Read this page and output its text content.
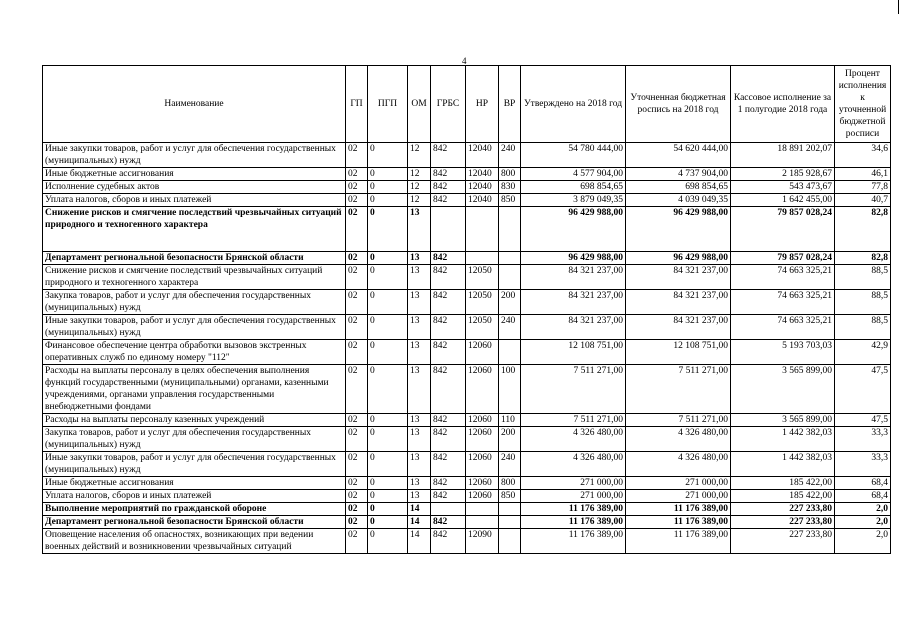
4
Наименование	ГП	ПГП	ОМ	ГРБС	НР	ВР	Утверждено на 2018 год	Уточненная бюджетная роспись на 2018 год	Кассовое исполнение за 1 полугодие 2018 года	Процент исполнения к уточненной бюджетной росписи
Иные закупки товаров, работ и услуг для обеспечения государственных (муниципальных) нужд	02	0	12	842	12040	240	54 780 444,00	54 620 444,00	18 891 202,07	34,6
Иные бюджетные ассигнования	02	0	12	842	12040	800	4 577 904,00	4 737 904,00	2 185 928,67	46,1
Исполнение судебных актов	02	0	12	842	12040	830	698 854,65	698 854,65	543 473,67	77,8
Уплата налогов, сборов и иных платежей	02	0	12	842	12040	850	3 879 049,35	4 039 049,35	1 642 455,00	40,7
Снижение рисков и смягчение последствий чрезвычайных ситуаций природного и техногенного характера	02	0	13				96 429 988,00	96 429 988,00	79 857 028,24	82,8
Департамент региональной безопасности Брянской области	02	0	13	842			96 429 988,00	96 429 988,00	79 857 028,24	82,8
Снижение рисков и смягчение последствий чрезвычайных ситуаций природного и техногенного характера	02	0	13	842	12050		84 321 237,00	84 321 237,00	74 663 325,21	88,5
Закупка товаров, работ и услуг для обеспечения государственных (муниципальных) нужд	02	0	13	842	12050	200	84 321 237,00	84 321 237,00	74 663 325,21	88,5
Иные закупки товаров, работ и услуг для обеспечения государственных (муниципальных) нужд	02	0	13	842	12050	240	84 321 237,00	84 321 237,00	74 663 325,21	88,5
Финансовое обеспечение центра обработки вызовов экстренных оперативных служб по единому номеру "112"	02	0	13	842	12060		12 108 751,00	12 108 751,00	5 193 703,03	42,9
Расходы на выплаты персоналу в целях обеспечения выполнения функций государственными (муниципальными) органами, казенными учреждениями, органами управления государственными внебюджетными фондами	02	0	13	842	12060	100	7 511 271,00	7 511 271,00	3 565 899,00	47,5
Расходы на выплаты персоналу казенных учреждений	02	0	13	842	12060	110	7 511 271,00	7 511 271,00	3 565 899,00	47,5
Закупка товаров, работ и услуг для обеспечения государственных (муниципальных) нужд	02	0	13	842	12060	200	4 326 480,00	4 326 480,00	1 442 382,03	33,3
Иные закупки товаров, работ и услуг для обеспечения государственных (муниципальных) нужд	02	0	13	842	12060	240	4 326 480,00	4 326 480,00	1 442 382,03	33,3
Иные бюджетные ассигнования	02	0	13	842	12060	800	271 000,00	271 000,00	185 422,00	68,4
Уплата налогов, сборов и иных платежей	02	0	13	842	12060	850	271 000,00	271 000,00	185 422,00	68,4
Выполнение мероприятий по гражданской обороне	02	0	14				11 176 389,00	11 176 389,00	227 233,80	2,0
Департамент региональной безопасности Брянской области	02	0	14	842			11 176 389,00	11 176 389,00	227 233,80	2,0
Оповещение населения об опасностях, возникающих при ведении военных действий и возникновении чрезвычайных ситуаций	02	0	14	842	12090		11 176 389,00	11 176 389,00	227 233,80	2,0
